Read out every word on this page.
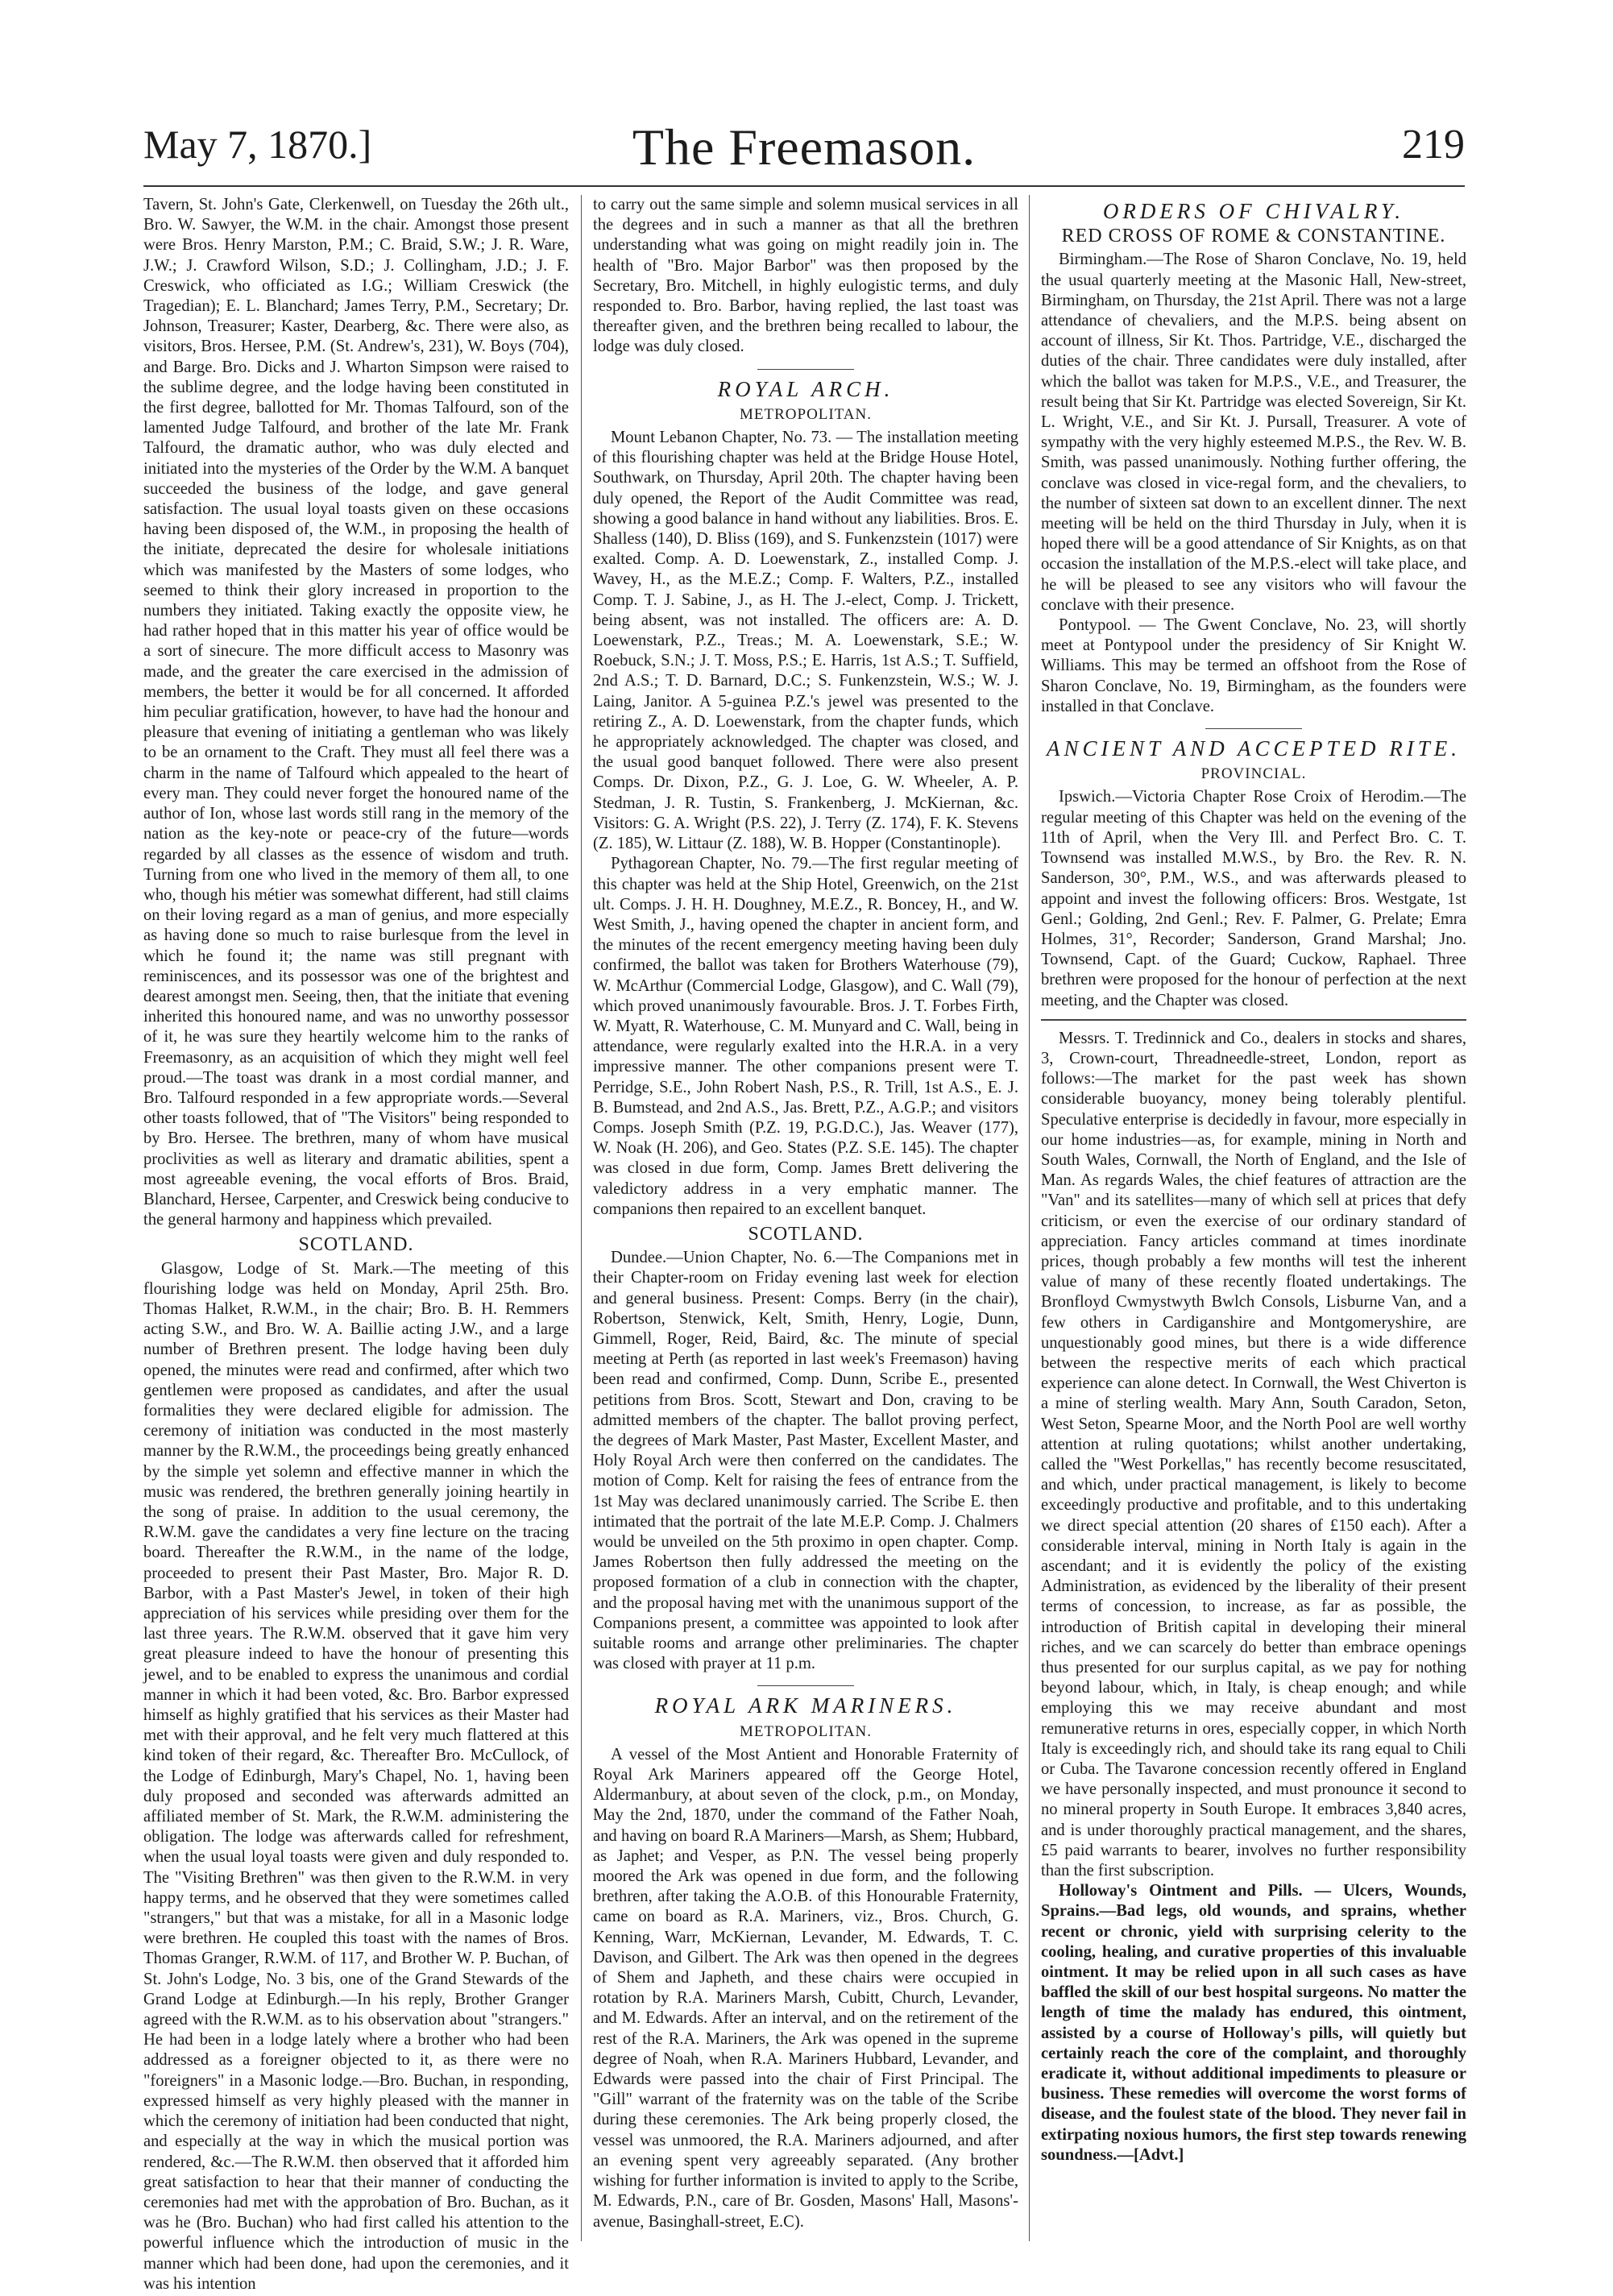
May 7, 1870.]	The Freemason.	219

Tavern, St. John's Gate, Clerkenwell, on Tuesday the 26th ult., Bro. W. Sawyer, the W.M. in the chair. Amongst those present were Bros. Henry Marston, P.M.; C. Braid, S.W.; J. R. Ware, J.W.; J. Crawford Wilson, S.D.; J. Collingham, J.D.; J. F. Creswick, who officiated as I.G.; William Creswick (the Tragedian); E. L. Blanchard; James Terry, P.M., Secretary; Dr. Johnson, Treasurer; Kaster, Dearberg, &c. There were also, as visitors, Bros. Hersee, P.M. (St. Andrew's, 231), W. Boys (704), and Barge. Bro. Dicks and J. Wharton Simpson were raised to the sublime degree, and the lodge having been constituted in the first degree, ballotted for Mr. Thomas Talfourd, son of the lamented Judge Talfourd, and brother of the late Mr. Frank Talfourd, the dramatic author, who was duly elected and initiated into the mysteries of the Order by the W.M. A banquet succeeded the business of the lodge, and gave general satisfaction. The usual loyal toasts given on these occasions having been disposed of, the W.M., in proposing the health of the initiate, deprecated the desire for wholesale initiations which was manifested by the Masters of some lodges, who seemed to think their glory increased in proportion to the numbers they initiated. Taking exactly the opposite view, he had rather hoped that in this matter his year of office would be a sort of sinecure. The more difficult access to Masonry was made, and the greater the care exercised in the admission of members, the better it would be for all concerned. It afforded him peculiar gratification, however, to have had the honour and pleasure that evening of initiating a gentleman who was likely to be an ornament to the Craft. They must all feel there was a charm in the name of Talfourd which appealed to the heart of every man. They could never forget the honoured name of the author of Ion, whose last words still rang in the memory of the nation as the key-note or peace-cry of the future—words regarded by all classes as the essence of wisdom and truth. Turning from one who lived in the memory of them all, to one who, though his métier was somewhat different, had still claims on their loving regard as a man of genius, and more especially as having done so much to raise burlesque from the level in which he found it; the name was still pregnant with reminiscences, and its possessor was one of the brightest and dearest amongst men. Seeing, then, that the initiate that evening inherited this honoured name, and was no unworthy possessor of it, he was sure they heartily welcome him to the ranks of Freemasonry, as an acquisition of which they might well feel proud.—The toast was drank in a most cordial manner, and Bro. Talfourd responded in a few appropriate words.—Several other toasts followed, that of "The Visitors" being responded to by Bro. Hersee. The brethren, many of whom have musical proclivities as well as literary and dramatic abilities, spent a most agreeable evening, the vocal efforts of Bros. Braid, Blanchard, Hersee, Carpenter, and Creswick being conducive to the general harmony and happiness which prevailed.

SCOTLAND.

Glasgow, Lodge of St. Mark.—The meeting of this flourishing lodge was held on Monday, April 25th. Bro. Thomas Halket, R.W.M., in the chair; Bro. B. H. Remmers acting S.W., and Bro. W. A. Baillie acting J.W., and a large number of Brethren present. The lodge having been duly opened, the minutes were read and confirmed, after which two gentlemen were proposed as candidates, and after the usual formalities they were declared eligible for admission. The ceremony of initiation was conducted in the most masterly manner by the R.W.M., the proceedings being greatly enhanced by the simple yet solemn and effective manner in which the music was rendered, the brethren generally joining heartily in the song of praise. In addition to the usual ceremony, the R.W.M. gave the candidates a very fine lecture on the tracing board. Thereafter the R.W.M., in the name of the lodge, proceeded to present their Past Master, Bro. Major R. D. Barbor, with a Past Master's Jewel, in token of their high appreciation of his services while presiding over them for the last three years. The R.W.M. observed that it gave him very great pleasure indeed to have the honour of presenting this jewel, and to be enabled to express the unanimous and cordial manner in which it had been voted, &c. Bro. Barbor expressed himself as highly gratified that his services as their Master had met with their approval, and he felt very much flattered at this kind token of their regard, &c. Thereafter Bro. McCullock, of the Lodge of Edinburgh, Mary's Chapel, No. 1, having been duly proposed and seconded was afterwards admitted an affiliated member of St. Mark, the R.W.M. administering the obligation. The lodge was afterwards called for refreshment, when the usual loyal toasts were given and duly responded to. The "Visiting Brethren" was then given to the R.W.M. in very happy terms, and he observed that they were sometimes called "strangers," but that was a mistake, for all in a Masonic lodge were brethren. He coupled this toast with the names of Bros. Thomas Granger, R.W.M. of 117, and Brother W. P. Buchan, of St. John's Lodge, No. 3 bis, one of the Grand Stewards of the Grand Lodge at Edinburgh.—In his reply, Brother Granger agreed with the R.W.M. as to his observation about "strangers." He had been in a lodge lately where a brother who had been addressed as a foreigner objected to it, as there were no "foreigners" in a Masonic lodge.—Bro. Buchan, in responding, expressed himself as very highly pleased with the manner in which the ceremony of initiation had been conducted that night, and especially at the way in which the musical portion was rendered, &c.—The R.W.M. then observed that it afforded him great satisfaction to hear that their manner of conducting the ceremonies had met with the approbation of Bro. Buchan, as it was he (Bro. Buchan) who had first called his attention to the powerful influence which the introduction of music in the manner which had been done, had upon the ceremonies, and it was his intention

to carry out the same simple and solemn musical services in all the degrees and in such a manner as that all the brethren understanding what was going on might readily join in. The health of "Bro. Major Barbor" was then proposed by the Secretary, Bro. Mitchell, in highly eulogistic terms, and duly responded to. Bro. Barbor, having replied, the last toast was thereafter given, and the brethren being recalled to labour, the lodge was duly closed.

ROYAL ARCH.
METROPOLITAN.

Mount Lebanon Chapter, No. 73. — The installation meeting of this flourishing chapter was held at the Bridge House Hotel, Southwark, on Thursday, April 20th. The chapter having been duly opened, the Report of the Audit Committee was read, showing a good balance in hand without any liabilities. Bros. E. Shalless (140), D. Bliss (169), and S. Funkenzstein (1017) were exalted. Comp. A. D. Loewenstark, Z., installed Comp. J. Wavey, H., as the M.E.Z.; Comp. F. Walters, P.Z., installed Comp. T. J. Sabine, J., as H. The J.-elect, Comp. J. Trickett, being absent, was not installed. The officers are: A. D. Loewenstark, P.Z., Treas.; M. A. Loewenstark, S.E.; W. Roebuck, S.N.; J. T. Moss, P.S.; E. Harris, 1st A.S.; T. Suffield, 2nd A.S.; T. D. Barnard, D.C.; S. Funkenzstein, W.S.; W. J. Laing, Janitor. A 5-guinea P.Z.'s jewel was presented to the retiring Z., A. D. Loewenstark, from the chapter funds, which he appropriately acknowledged. The chapter was closed, and the usual good banquet followed. There were also present Comps. Dr. Dixon, P.Z., G. J. Loe, G. W. Wheeler, A. P. Stedman, J. R. Tustin, S. Frankenberg, J. McKiernan, &c. Visitors: G. A. Wright (P.S. 22), J. Terry (Z. 174), F. K. Stevens (Z. 185), W. Littaur (Z. 188), W. B. Hopper (Constantinople).

Pythagorean Chapter, No. 79.—The first regular meeting of this chapter was held at the Ship Hotel, Greenwich, on the 21st ult. Comps. J. H. H. Doughney, M.E.Z., R. Boncey, H., and W. West Smith, J., having opened the chapter in ancient form, and the minutes of the recent emergency meeting having been duly confirmed, the ballot was taken for Brothers Waterhouse (79), W. McArthur (Commercial Lodge, Glasgow), and C. Wall (79), which proved unanimously favourable. Bros. J. T. Forbes Firth, W. Myatt, R. Waterhouse, C. M. Munyard and C. Wall, being in attendance, were regularly exalted into the H.R.A. in a very impressive manner. The other companions present were T. Perridge, S.E., John Robert Nash, P.S., R. Trill, 1st A.S., E. J. B. Bumstead, and 2nd A.S., Jas. Brett, P.Z., A.G.P.; and visitors Comps. Joseph Smith (P.Z. 19, P.G.D.C.), Jas. Weaver (177), W. Noak (H. 206), and Geo. States (P.Z. S.E. 145). The chapter was closed in due form, Comp. James Brett delivering the valedictory address in a very emphatic manner. The companions then repaired to an excellent banquet.

SCOTLAND.

Dundee.—Union Chapter, No. 6.—The Companions met in their Chapter-room on Friday evening last week for election and general business. Present: Comps. Berry (in the chair), Robertson, Stenwick, Kelt, Smith, Henry, Logie, Dunn, Gimmell, Roger, Reid, Baird, &c. The minute of special meeting at Perth (as reported in last week's Freemason) having been read and confirmed, Comp. Dunn, Scribe E., presented petitions from Bros. Scott, Stewart and Don, craving to be admitted members of the chapter. The ballot proving perfect, the degrees of Mark Master, Past Master, Excellent Master, and Holy Royal Arch were then conferred on the candidates. The motion of Comp. Kelt for raising the fees of entrance from the 1st May was declared unanimously carried. The Scribe E. then intimated that the portrait of the late M.E.P. Comp. J. Chalmers would be unveiled on the 5th proximo in open chapter. Comp. James Robertson then fully addressed the meeting on the proposed formation of a club in connection with the chapter, and the proposal having met with the unanimous support of the Companions present, a committee was appointed to look after suitable rooms and arrange other preliminaries. The chapter was closed with prayer at 11 p.m.

ROYAL ARK MARINERS.
METROPOLITAN.

A vessel of the Most Antient and Honorable Fraternity of Royal Ark Mariners appeared off the George Hotel, Aldermanbury, at about seven of the clock, p.m., on Monday, May the 2nd, 1870, under the command of the Father Noah, and having on board R.A Mariners—Marsh, as Shem; Hubbard, as Japhet; and Vesper, as P.N. The vessel being properly moored the Ark was opened in due form, and the following brethren, after taking the A.O.B. of this Honourable Fraternity, came on board as R.A. Mariners, viz., Bros. Church, G. Kenning, Warr, McKiernan, Levander, M. Edwards, T. C. Davison, and Gilbert. The Ark was then opened in the degrees of Shem and Japheth, and these chairs were occupied in rotation by R.A. Mariners Marsh, Cubitt, Church, Levander, and M. Edwards. After an interval, and on the retirement of the rest of the R.A. Mariners, the Ark was opened in the supreme degree of Noah, when R.A. Mariners Hubbard, Levander, and Edwards were passed into the chair of First Principal. The "Gill" warrant of the fraternity was on the table of the Scribe during these ceremonies. The Ark being properly closed, the vessel was unmoored, the R.A. Mariners adjourned, and after an evening spent very agreeably separated. (Any brother wishing for further information is invited to apply to the Scribe, M. Edwards, P.N., care of Br. Gosden, Masons' Hall, Masons'-avenue, Basinghall-street, E.C).

ORDERS OF CHIVALRY.
RED CROSS OF ROME & CONSTANTINE.

Birmingham.—The Rose of Sharon Conclave, No. 19, held the usual quarterly meeting at the Masonic Hall, New-street, Birmingham, on Thursday, the 21st April. There was not a large attendance of chevaliers, and the M.P.S. being absent on account of illness, Sir Kt. Thos. Partridge, V.E., discharged the duties of the chair. Three candidates were duly installed, after which the ballot was taken for M.P.S., V.E., and Treasurer, the result being that Sir Kt. Partridge was elected Sovereign, Sir Kt. L. Wright, V.E., and Sir Kt. J. Pursall, Treasurer. A vote of sympathy with the very highly esteemed M.P.S., the Rev. W. B. Smith, was passed unanimously. Nothing further offering, the conclave was closed in vice-regal form, and the chevaliers, to the number of sixteen sat down to an excellent dinner. The next meeting will be held on the third Thursday in July, when it is hoped there will be a good attendance of Sir Knights, as on that occasion the installation of the M.P.S.-elect will take place, and he will be pleased to see any visitors who will favour the conclave with their presence.

Pontypool. — The Gwent Conclave, No. 23, will shortly meet at Pontypool under the presidency of Sir Knight W. Williams. This may be termed an offshoot from the Rose of Sharon Conclave, No. 19, Birmingham, as the founders were installed in that Conclave.

ANCIENT AND ACCEPTED RITE.
PROVINCIAL.

Ipswich.—Victoria Chapter Rose Croix of Herodim.—The regular meeting of this Chapter was held on the evening of the 11th of April, when the Very Ill. and Perfect Bro. C. T. Townsend was installed M.W.S., by Bro. the Rev. R. N. Sanderson, 30°, P.M., W.S., and was afterwards pleased to appoint and invest the following officers: Bros. Westgate, 1st Genl.; Golding, 2nd Genl.; Rev. F. Palmer, G. Prelate; Emra Holmes, 31°, Recorder; Sanderson, Grand Marshal; Jno. Townsend, Capt. of the Guard; Cuckow, Raphael. Three brethren were proposed for the honour of perfection at the next meeting, and the Chapter was closed.

Messrs. T. Tredinnick and Co., dealers in stocks and shares, 3, Crown-court, Threadneedle-street, London, report as follows:—The market for the past week has shown considerable buoyancy, money being tolerably plentiful. Speculative enterprise is decidedly in favour, more especially in our home industries—as, for example, mining in North and South Wales, Cornwall, the North of England, and the Isle of Man. As regards Wales, the chief features of attraction are the "Van" and its satellites—many of which sell at prices that defy criticism, or even the exercise of our ordinary standard of appreciation. Fancy articles command at times inordinate prices, though probably a few months will test the inherent value of many of these recently floated undertakings. The Bronfloyd Cwmystwyth Bwlch Consols, Lisburne Van, and a few others in Cardiganshire and Montgomeryshire, are unquestionably good mines, but there is a wide difference between the respective merits of each which practical experience can alone detect. In Cornwall, the West Chiverton is a mine of sterling wealth. Mary Ann, South Caradon, Seton, West Seton, Spearne Moor, and the North Pool are well worthy attention at ruling quotations; whilst another undertaking, called the "West Porkellas," has recently become resuscitated, and which, under practical management, is likely to become exceedingly productive and profitable, and to this undertaking we direct special attention (20 shares of £150 each). After a considerable interval, mining in North Italy is again in the ascendant; and it is evidently the policy of the existing Administration, as evidenced by the liberality of their present terms of concession, to increase, as far as possible, the introduction of British capital in developing their mineral riches, and we can scarcely do better than embrace openings thus presented for our surplus capital, as we pay for nothing beyond labour, which, in Italy, is cheap enough; and while employing this we may receive abundant and most remunerative returns in ores, especially copper, in which North Italy is exceedingly rich, and should take its rang equal to Chili or Cuba. The Tavarone concession recently offered in England we have personally inspected, and must pronounce it second to no mineral property in South Europe. It embraces 3,840 acres, and is under thoroughly practical management, and the shares, £5 paid warrants to bearer, involves no further responsibility than the first subscription.

Holloway's Ointment and Pills. — Ulcers, Wounds, Sprains.—Bad legs, old wounds, and sprains, whether recent or chronic, yield with surprising celerity to the cooling, healing, and curative properties of this invaluable ointment. It may be relied upon in all such cases as have baffled the skill of our best hospital surgeons. No matter the length of time the malady has endured, this ointment, assisted by a course of Holloway's pills, will quietly but certainly reach the core of the complaint, and thoroughly eradicate it, without additional impediments to pleasure or business. These remedies will overcome the worst forms of disease, and the foulest state of the blood. They never fail in extirpating noxious humors, the first step towards renewing soundness.—[Advt.]
